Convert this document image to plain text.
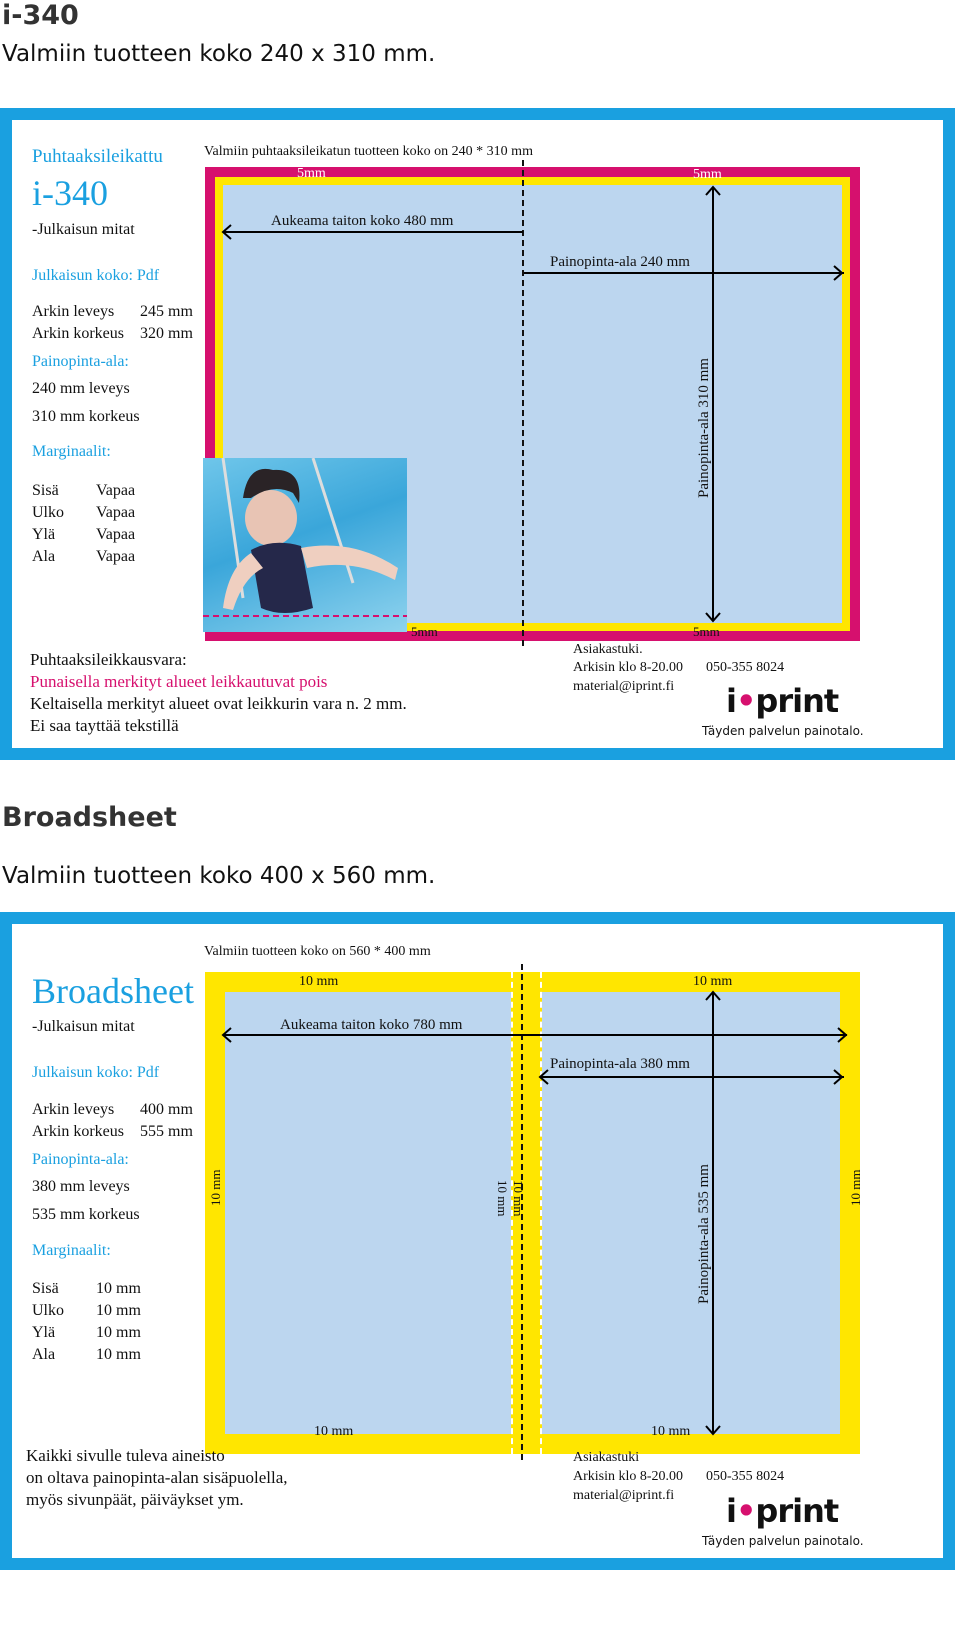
i-340
Valmiin tuotteen koko 240 x 310 mm.
Puhtaaksileikattu
i-340
-Julkaisun mitat
Julkaisun koko: Pdf
Arkin leveys 245 mm
Arkin korkeus 320 mm
Painopinta-ala:
240 mm leveys
310 mm korkeus
Marginaalit:
Sisä Vapaa
Ulko Vapaa
Ylä	Vapaa
Ala	Vapaa
Valmiin puhtaaksileikatun tuotteen koko on 240 * 310 mm
5mm	5mm
Aukeama taiton koko 480 mm
Painopinta-ala 240 mm
Painopinta-ala 310 mm
5mm	5mm
Puhtaaksileikkausvara:
Punaisella merkityt alueet leikkautuvat pois
Keltaisella merkityt alueet ovat leikkurin vara n. 2 mm.
Ei saa tayttää tekstillä
Asiakastuki.
Arkisin klo 8-20.00 050-355 8024
material@iprint.fi i•print
Täyden palvelun painotalo.
Broadsheet
Valmiin tuotteen koko 400 x 560 mm.
Broadsheet
-Julkaisun mitat
Julkaisun koko: Pdf
Arkin leveys 400 mm
Arkin korkeus 555 mm
Painopinta-ala:
380 mm leveys
535 mm korkeus
Marginaalit:
Sisä 10 mm
Ulko 10 mm
Ylä	10 mm
Ala	10 mm
Valmiin tuotteen koko on 560 * 400 mm
10 mm	10 mm
Aukeama taiton koko 780 mm
Painopinta-ala 380 mm
Painopinta-ala 535 mm
10 mm	10 mm
10 mm 10 mm
10 mm	10 mm
Kaikki sivulle tuleva aineisto
on oltava painopinta-alan sisäpuolella,
myös sivunpäät, päiväykset ym.
Asiakastuki
Arkisin klo 8-20.00 050-355 8024
material@iprint.fi i•print
Täyden palvelun painotalo.
